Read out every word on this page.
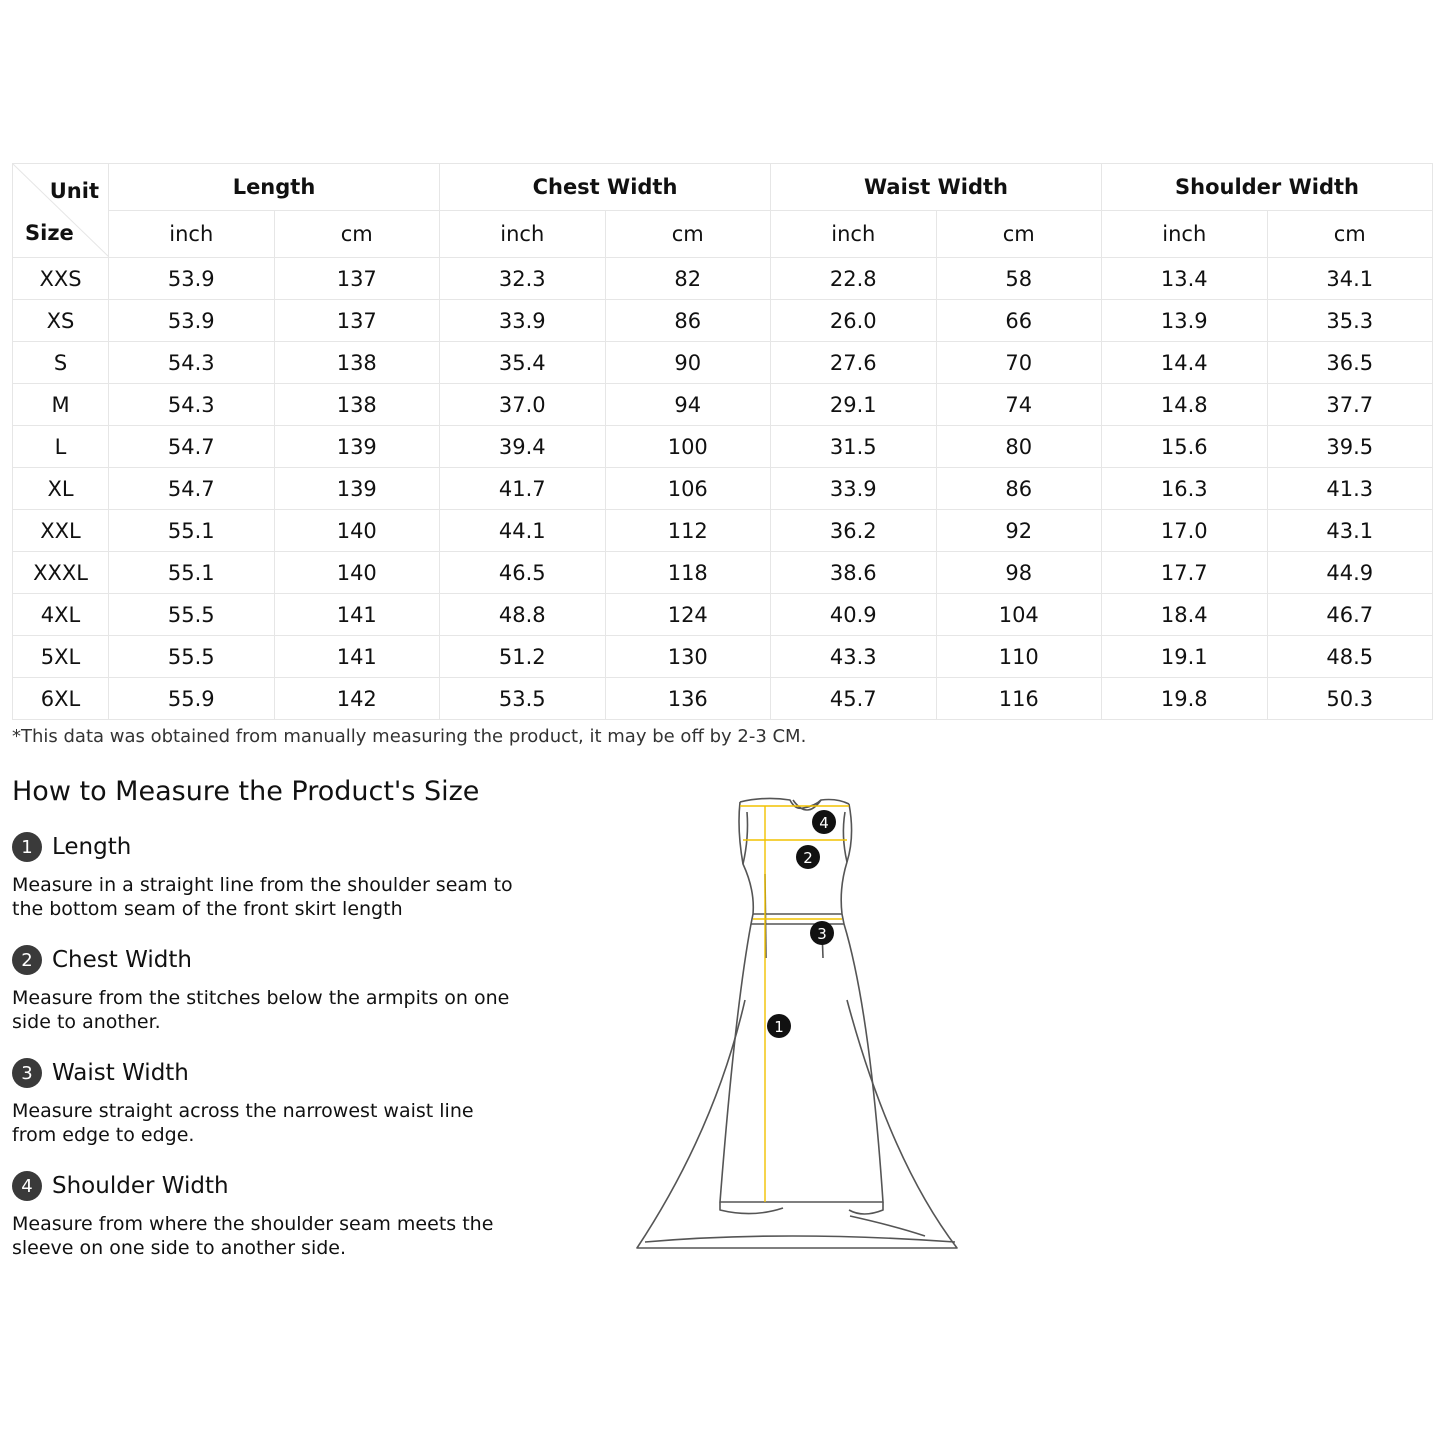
Unit
Size	Length		Chest Width		Waist Width		Shoulder Width	
	inch	cm	inch	cm	inch	cm	inch	cm
XXS	53.9	137	32.3	82	22.8	58	13.4	34.1
XS	53.9	137	33.9	86	26.0	66	13.9	35.3
S	54.3	138	35.4	90	27.6	70	14.4	36.5
M	54.3	138	37.0	94	29.1	74	14.8	37.7
L	54.7	139	39.4	100	31.5	80	15.6	39.5
XL	54.7	139	41.7	106	33.9	86	16.3	41.3
XXL	55.1	140	44.1	112	36.2	92	17.0	43.1
XXXL	55.1	140	46.5	118	38.6	98	17.7	44.9
4XL	55.5	141	48.8	124	40.9	104	18.4	46.7
5XL	55.5	141	51.2	130	43.3	110	19.1	48.5
6XL	55.9	142	53.5	136	45.7	116	19.8	50.3
*This data was obtained from manually measuring the product, it may be off by 2-3 CM.
How to Measure the Product's Size
1 Length
Measure in a straight line from the shoulder seam to the bottom seam of the front skirt length
2 Chest Width
Measure from the stitches below the armpits on one side to another.
3 Waist Width
Measure straight across the narrowest waist line from edge to edge.
4 Shoulder Width
Measure from where the shoulder seam meets the sleeve on one side to another side.
4
2
3
1
